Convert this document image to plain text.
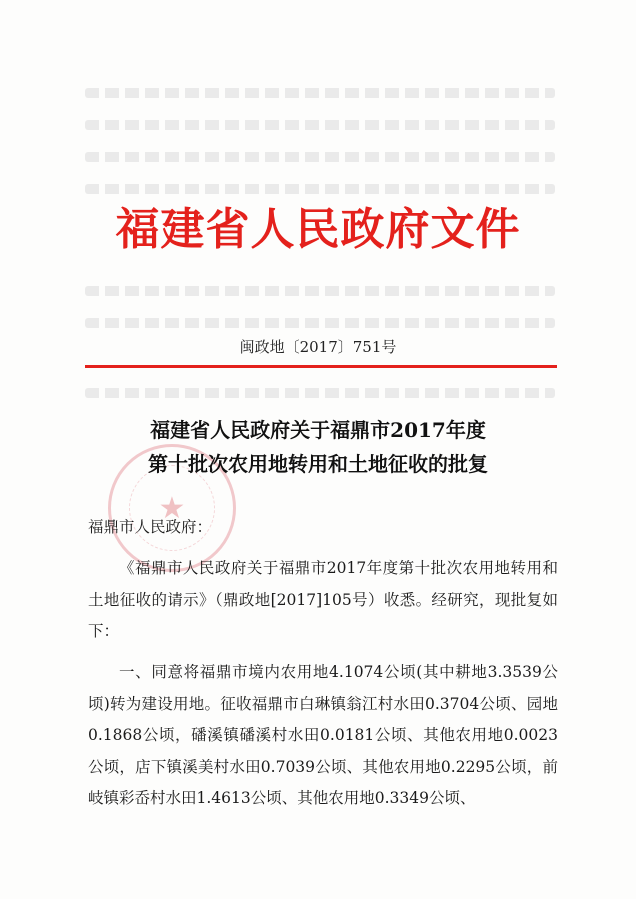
福建省人民政府文件
闽政地〔2017〕751号
★
福建省人民政府关于福鼎市2017年度
第十批次农用地转用和土地征收的批复
福鼎市人民政府：
《福鼎市人民政府关于福鼎市2017年度第十批次农用地转用和土地征收的请示》（鼎政地[2017]105号）收悉。经研究，现批复如下：
一、同意将福鼎市境内农用地4.1074公顷(其中耕地3.3539公顷)转为建设用地。征收福鼎市白琳镇翁江村水田0.3704公顷、园地0.1868公顷，磻溪镇磻溪村水田0.0181公顷、其他农用地0.0023公顷，店下镇溪美村水田0.7039公顷、其他农用地0.2295公顷，前岐镇彩岙村水田1.4613公顷、其他农用地0.3349公顷、
